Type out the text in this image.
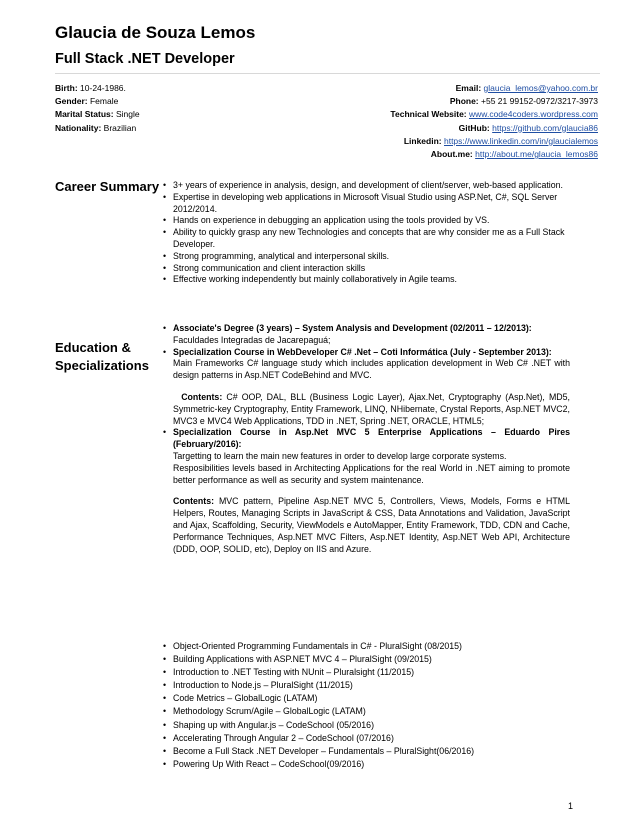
Glaucia de Souza Lemos
Full Stack .NET Developer
Birth: 10-24-1986.
Gender: Female
Marital Status: Single
Nationality: Brazilian
Email: glaucia_lemos@yahoo.com.br
Phone: +55 21 99152-0972/3217-3973
Technical Website: www.code4coders.wordpress.com
GitHub: https://github.com/glaucia86
Linkedin: https://www.linkedin.com/in/glaucialemos
About.me: http://about.me/glaucia_lemos86
Career Summary • 3+ years of experience in analysis, design, and development of client/server, web-based application.
• Expertise in developing web applications in Microsoft Visual Studio using ASP.Net, C#, SQL Server 2012/2014.
• Hands on experience in debugging an application using the tools provided by VS.
• Ability to quickly grasp any new Technologies and concepts that are why consider me as a Full Stack Developer.
• Strong programming, analytical and interpersonal skills.
• Strong communication and client interaction skills
• Effective working independently but mainly collaboratively in Agile teams.
Education &
Specializations
• Associate's Degree (3 years) – System Analysis and Development (02/2011 – 12/2013):
Faculdades Integradas de Jacarepaguá;
• Specialization Course in WebDeveloper C# .Net – Coti Informática (July - September 2013):
Main Frameworks C# language study which includes application development in Web C# .NET with design patterns in Asp.NET CodeBehind and MVC.
Contents: C# OOP, DAL, BLL (Business Logic Layer), Ajax.Net, Cryptography (Asp.Net), MD5, Symmetric-key Cryptography, Entity Framework, LINQ, NHibernate, Crystal Reports, Asp.NET MVC2, MVC3 e MVC4 Web Applications, TDD in .NET, Spring .NET, ORACLE, HTML5;
• Specialization Course in Asp.Net MVC 5 Enterprise Applications – Eduardo Pires (February/2016):
Targetting to learn the main new features in order to develop large corporate systems.
Resposibilities levels based in Architecting Applications for the real World in .NET aiming to promote better performance as well as security and system maintenance.
Contents: MVC pattern, Pipeline Asp.NET MVC 5, Controllers, Views, Models, Forms e HTML Helpers, Routes, Managing Scripts in JavaScript & CSS, Data Annotations and Validation, JavaScript and Ajax, Scaffolding, Security, ViewModels e AutoMapper, Entity Framework, TDD, CDN and Cache, Performance Techniques, Asp.NET MVC Filters, Asp.NET Identity, Asp.NET Web API, Architecture (DDD, OOP, SOLID, etc), Deploy on IIS and Azure.
• Object-Oriented Programming Fundamentals in C# - PluralSight (08/2015)
• Building Applications with ASP.NET MVC 4 – PluralSight (09/2015)
• Introduction to .NET Testing with NUnit – Pluralsight (11/2015)
• Introduction to Node.js – PluralSight (11/2015)
• Code Metrics – GlobalLogic (LATAM)
• Methodology Scrum/Agile – GlobalLogic (LATAM)
• Shaping up with Angular.js – CodeSchool (05/2016)
• Accelerating Through Angular 2 – CodeSchool (07/2016)
• Become a Full Stack .NET Developer – Fundamentals – PluralSight(06/2016)
• Powering Up With React – CodeSchool(09/2016)
1
